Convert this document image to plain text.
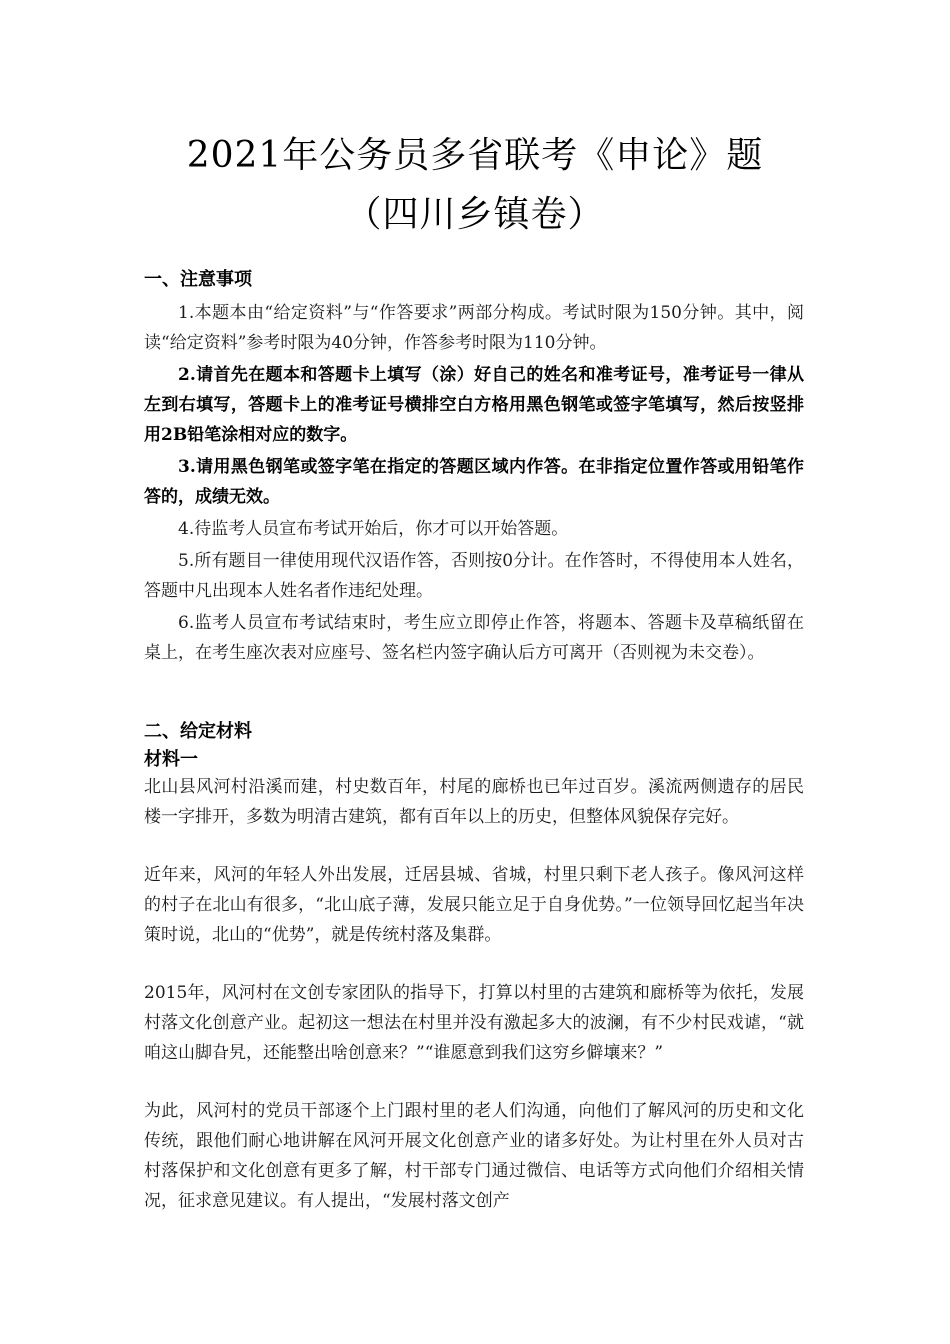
2021年公务员多省联考《申论》题
（四川乡镇卷）
一、注意事项

1.本题本由“给定资料”与“作答要求”两部分构成。考试时限为150分钟。其中，阅读“给定资料”参考时限为40分钟，作答参考时限为110分钟。

2.请首先在题本和答题卡上填写（涂）好自己的姓名和准考证号，准考证号一律从左到右填写，答题卡上的准考证号横排空白方格用黑色钢笔或签字笔填写，然后按竖排用2B铅笔涂相对应的数字。

3.请用黑色钢笔或签字笔在指定的答题区域内作答。在非指定位置作答或用铅笔作答的，成绩无效。

4.待监考人员宣布考试开始后，你才可以开始答题。

5.所有题目一律使用现代汉语作答，否则按0分计。在作答时，不得使用本人姓名，答题中凡出现本人姓名者作违纪处理。

6.监考人员宣布考试结束时，考生应立即停止作答，将题本、答题卡及草稿纸留在桌上，在考生座次表对应座号、签名栏内签字确认后方可离开（否则视为未交卷）。

二、给定材料
材料一

北山县风河村沿溪而建，村史数百年，村尾的廊桥也已年过百岁。溪流两侧遗存的居民楼一字排开，多数为明清古建筑，都有百年以上的历史，但整体风貌保存完好。

近年来，风河的年轻人外出发展，迁居县城、省城，村里只剩下老人孩子。像风河这样的村子在北山有很多，“北山底子薄，发展只能立足于自身优势。”一位领导回忆起当年决策时说，北山的“优势”，就是传统村落及集群。

2015年，风河村在文创专家团队的指导下，打算以村里的古建筑和廊桥等为依托，发展村落文化创意产业。起初这一想法在村里并没有激起多大的波澜，有不少村民戏谑，“就咱这山脚旮旯，还能整出啥创意来？”“谁愿意到我们这穷乡僻壤来？”

为此，风河村的党员干部逐个上门跟村里的老人们沟通，向他们了解风河的历史和文化传统，跟他们耐心地讲解在风河开展文化创意产业的诸多好处。为让村里在外人员对古村落保护和文化创意有更多了解，村干部专门通过微信、电话等方式向他们介绍相关情况，征求意见建议。有人提出，“发展村落文创产
